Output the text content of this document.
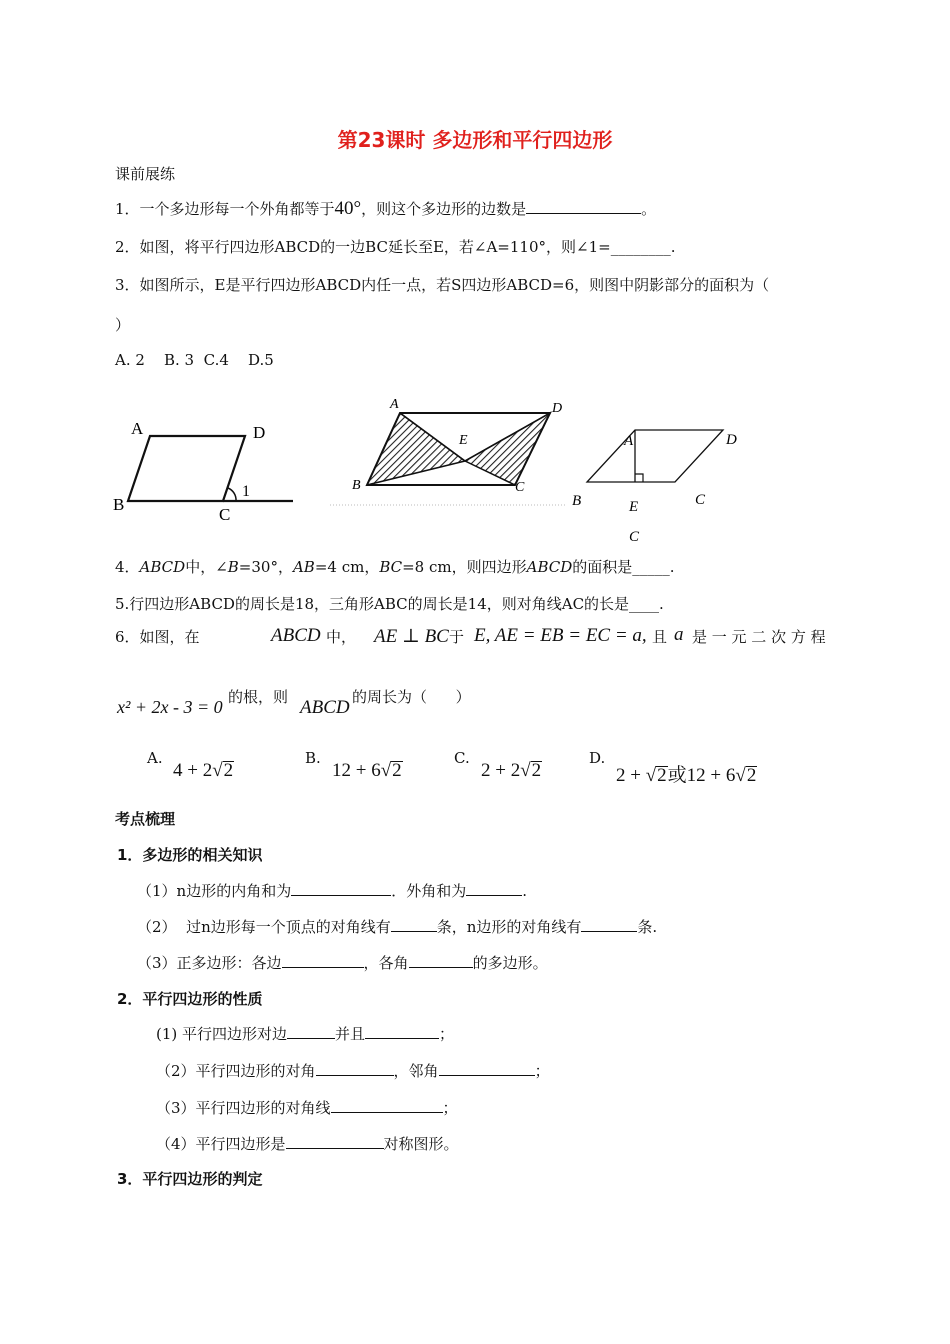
第23课时 多边形和平行四边形
课前展练
1．一个多边形每一个外角都等于40°，则这个多边形的边数是	。
2．如图，将平行四边形ABCD的一边BC延长至E，若∠A=110°，则∠1=________.
3．如图所示，E是平行四边形ABCD内任一点，若S四边形ABCD=6，则图中阴影部分的面积为（
）
A. 2    B. 3  C.4    D.5
A	D
B
C
1
A	D
B	C
E	A	D
B	E	C
C
4．ABCD中，∠B=30°，AB=4 cm，BC=8 cm，则四边形ABCD的面积是_____.
5.行四边形ABCD的周长是18，三角形ABC的周长是14，则对角线AC的长是____.
6．如图，在	ABCD 中， AE ⊥ BC 于 E, AE = EB = EC = a, 且 a 是 一 元 二 次 方 程
x² + 2x - 3 = 0 的根，则 ABCD 的周长为（      ）
A.
4 + 2√2
B.
12 + 6√2
C.
2 + 2√2
D.
2 + √2或12 + 6√2
考点梳理
1．多边形的相关知识
（1）n边形的内角和为	．外角和为	.
（2）  过n边形每一个顶点的对角线有	条，n边形的对角线有	条.
（3）正多边形：各边	，各角	的多边形。
2．平行四边形的性质
(1) 平行四边形对边	并且	；
（2）平行四边形的对角	，邻角	；
（3）平行四边形的对角线	；
（4）平行四边形是	对称图形。
3．平行四边形的判定
